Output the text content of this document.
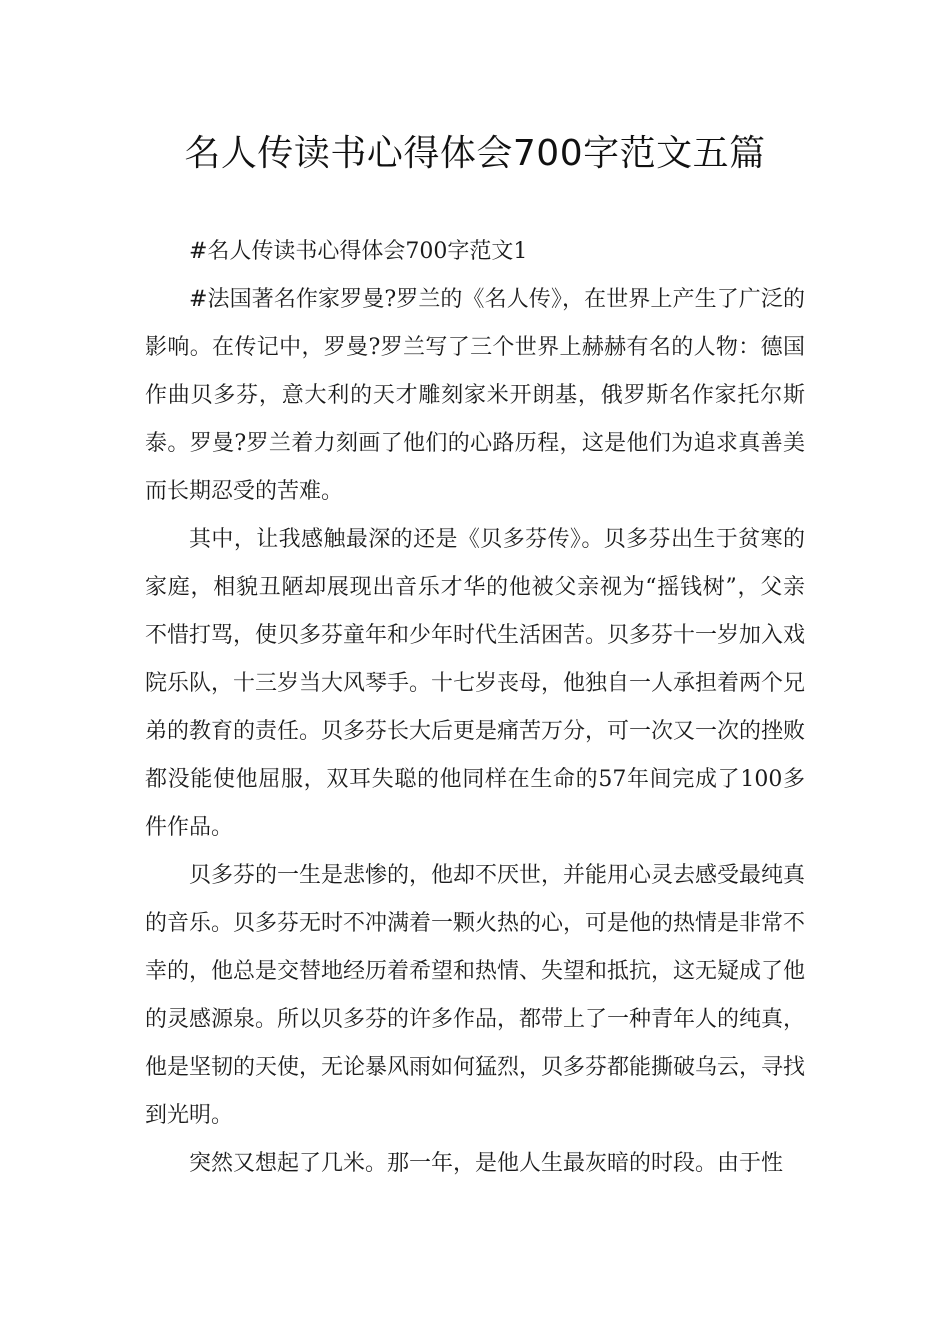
名人传读书心得体会700字范文五篇

#名人传读书心得体会700字范文1

#法国著名作家罗曼?罗兰的《名人传》，在世界上产生了广泛的影响。在传记中，罗曼?罗兰写了三个世界上赫赫有名的人物：德国作曲贝多芬，意大利的天才雕刻家米开朗基，俄罗斯名作家托尔斯泰。罗曼?罗兰着力刻画了他们的心路历程，这是他们为追求真善美而长期忍受的苦难。

其中，让我感触最深的还是《贝多芬传》。贝多芬出生于贫寒的家庭，相貌丑陋却展现出音乐才华的他被父亲视为“摇钱树”，父亲不惜打骂，使贝多芬童年和少年时代生活困苦。贝多芬十一岁加入戏院乐队，十三岁当大风琴手。十七岁丧母，他独自一人承担着两个兄弟的教育的责任。贝多芬长大后更是痛苦万分，可一次又一次的挫败都没能使他屈服，双耳失聪的他同样在生命的57年间完成了100多件作品。

贝多芬的一生是悲惨的，他却不厌世，并能用心灵去感受最纯真的音乐。贝多芬无时不冲满着一颗火热的心，可是他的热情是非常不幸的，他总是交替地经历着希望和热情、失望和抵抗，这无疑成了他的灵感源泉。所以贝多芬的许多作品，都带上了一种青年人的纯真，他是坚韧的天使，无论暴风雨如何猛烈，贝多芬都能撕破乌云，寻找到光明。

突然又想起了几米。那一年，是他人生最灰暗的时段。由于性
